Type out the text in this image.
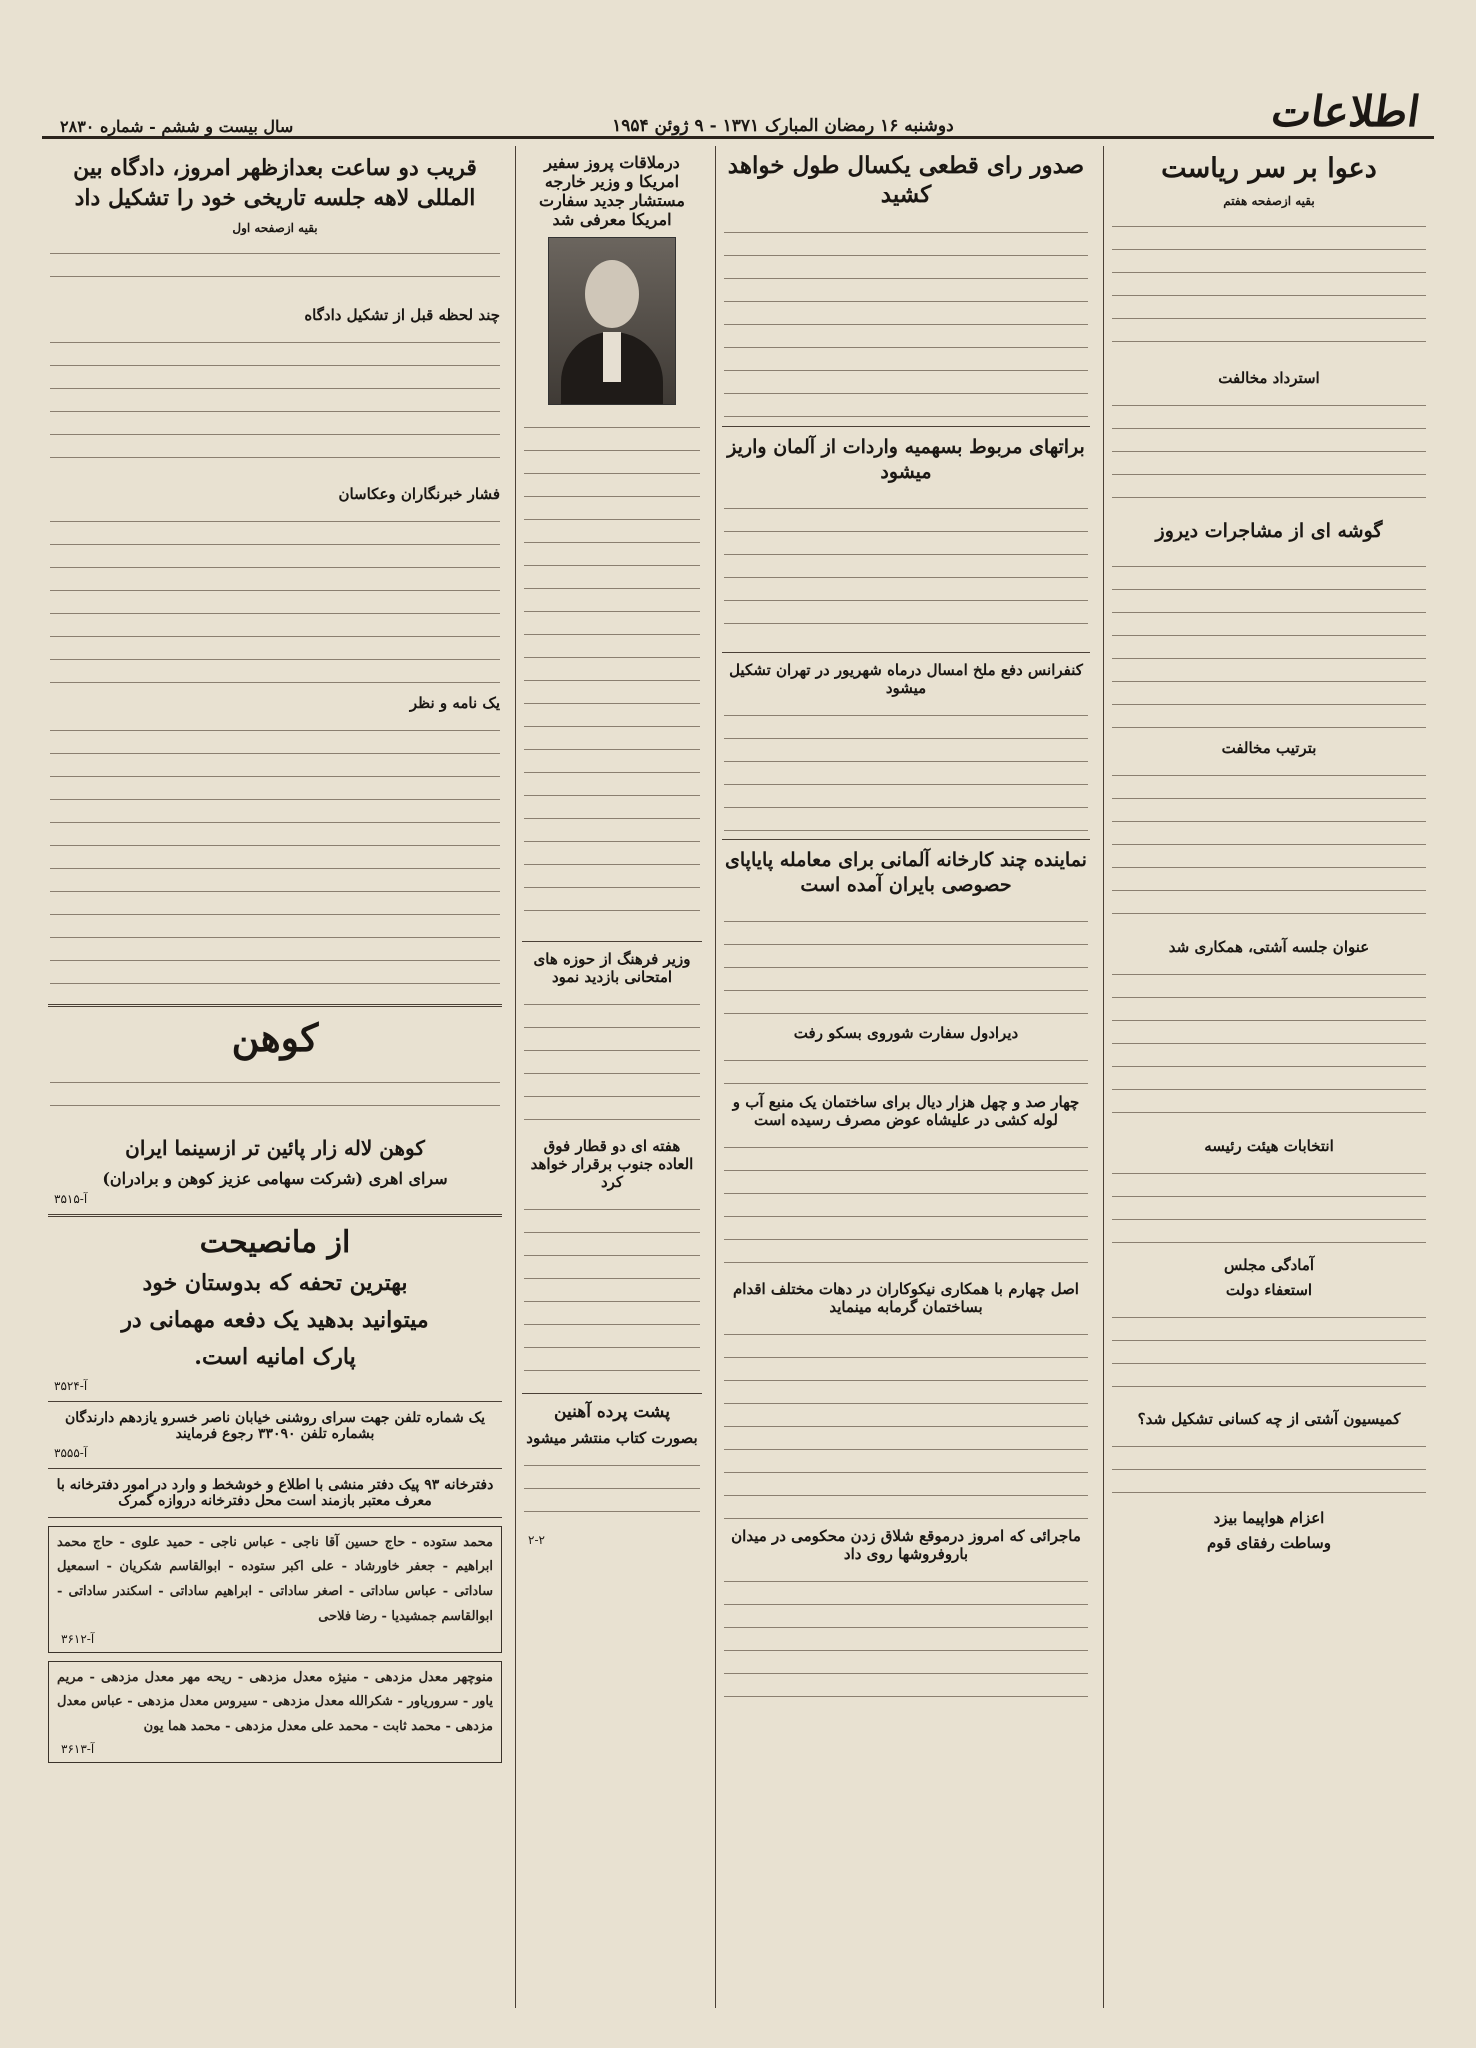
اطلاعات
دوشنبه ۱۶ رمضان المبارک ۱۳۷۱ - ۹ ژوئن ۱۹۵۴
سال بیست و ششم - شماره ۲۸۳۰
دعوا بر سر ریاست
بقیه ازصفحه هفتم
استرداد مخالفت
گوشه ای از مشاجرات دیروز
بترتیب مخالفت
عنوان جلسه آشتی، همکاری شد
انتخابات هیئت رئیسه
آمادگی مجلس
استعفاء دولت
کمیسیون آشتی از چه کسانی تشکیل شد؟
اعزام هواپیما بیزد
وساطت رفقای قوم
صدور رای قطعی یکسال طول خواهد کشید
براتهای مربوط بسهمیه واردات از آلمان واریز میشود
کنفرانس دفع ملخ امسال درماه شهریور در تهران تشکیل میشود
نماینده چند کارخانه آلمانی برای معامله پایاپای حصوصی بایران آمده است
دیرادول سفارت شوروی بسکو رفت
چهار صد و چهل هزار دیال برای ساختمان یک منبع آب و لوله کشی در علیشاه عوض مصرف رسیده است
اصل چهارم با همکاری نیکوکاران در دهات مختلف اقدام بساختمان گرمابه مینماید
ماجرائی که امروز درموقع شلاق زدن محکومی در میدان باروفروشها روی داد
درملاقات پروز سفیر امریکا و وزیر خارجه مستشار جدید سفارت امریکا معرفی شد
وزیر فرهنگ از حوزه های امتحانی بازدید نمود
هفته ای دو قطار فوق العاده جنوب برقرار خواهد کرد
پشت پرده آهنین
بصورت کتاب منتشر میشود
۲-۲
قریب دو ساعت بعدازظهر امروز، دادگاه بین المللی لاهه جلسه تاریخی خود را تشکیل داد
بقیه ازصفحه اول
چند لحظه قبل از تشکیل دادگاه
فشار خبرنگاران وعکاسان
یک نامه و نظر
کوهن
کوهن لاله زار پائین تر ازسینما ایران
سرای اهری (شرکت سهامی عزیز کوهن و برادران)
۳۵۱۵-آ
از مانصیحت
بهترین تحفه که بدوستان خود
میتوانید بدهید یک دفعه مهمانی در
پارک امانیه است.
۳۵۲۴-آ
یک شماره تلفن جهت سرای روشنی خیابان ناصر خسرو یازدهم دارندگان بشماره تلفن ۳۳۰۹۰ رجوع فرمایند
۳۵۵۵-آ
دفترخانه ۹۳ پیک دفتر منشی با اطلاع و خوشخط و وارد در امور دفترخانه با معرف معتبر بازمند است محل دفترخانه دروازه گمرک
محمد ستوده - حاج حسین آقا ناجی - عباس ناجی - حمید علوی - حاج محمد ابراهیم - جعفر خاورشاد - علی اکبر ستوده - ابوالقاسم شکریان - اسمعیل ساداتی - عباس ساداتی - اصغر ساداتی - ابراهیم ساداتی - اسکندر ساداتی - ابوالقاسم جمشیدیا - رضا فلاحی
۳۶۱۲-آ
منوچهر معدل مزدهی - منیژه معدل مزدهی - ریحه مهر معدل مزدهی - مریم یاور - سروریاور - شکرالله معدل مزدهی - سیروس معدل مزدهی - عباس معدل مزدهی - محمد ثابت - محمد علی معدل مزدهی - محمد هما یون
۳۶۱۳-آ
